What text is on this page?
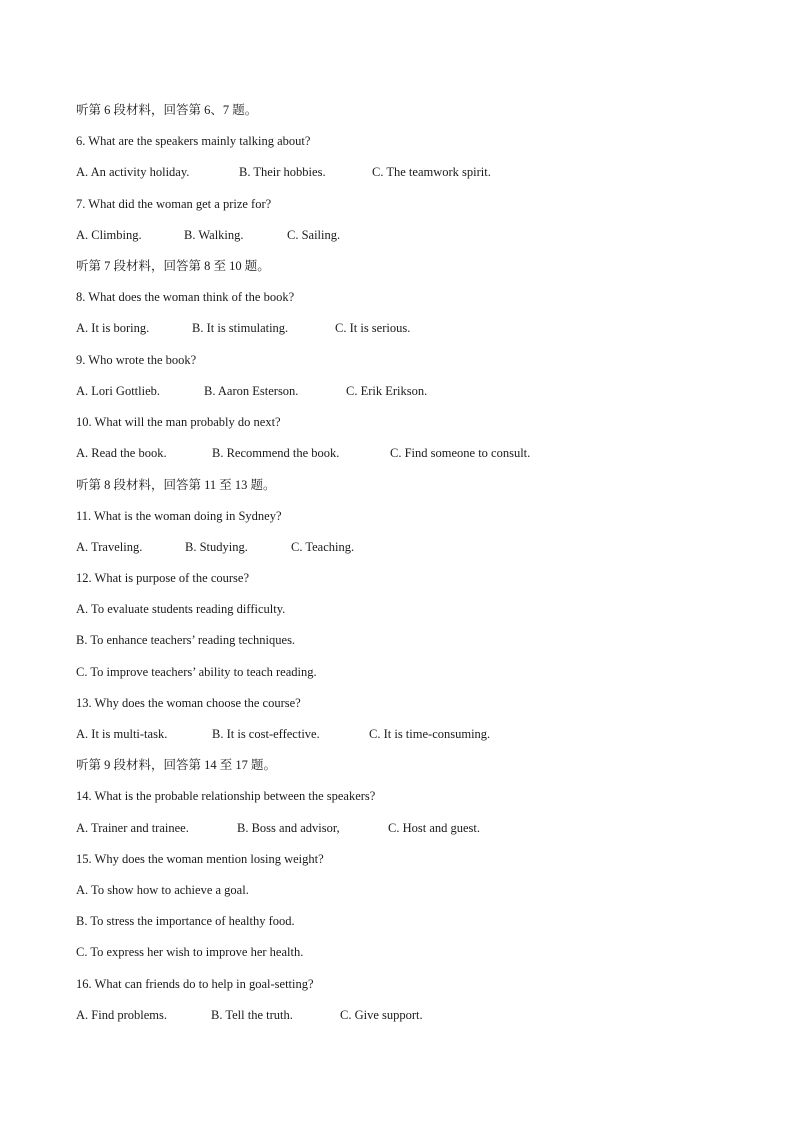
听第 6 段材料，回答第 6、7 题。
6. What are the speakers mainly talking about?
A. An activity holiday.	B. Their hobbies.	C. The teamwork spirit.
7. What did the woman get a prize for?
A. Climbing.	B. Walking.	C. Sailing.
听第 7 段材料，回答第 8 至 10 题。
8. What does the woman think of the book?
A. It is boring.	B. It is stimulating.	C. It is serious.
9. Who wrote the book?
A. Lori Gottlieb.	B. Aaron Esterson.	C. Erik Erikson.
10. What will the man probably do next?
A. Read the book.	B. Recommend the book.	C. Find someone to consult.
听第 8 段材料，回答第 11 至 13 题。
11. What is the woman doing in Sydney?
A. Traveling.	B. Studying.	C. Teaching.
12. What is purpose of the course?
A. To evaluate students reading difficulty.
B. To enhance teachers’ reading techniques.
C. To improve teachers’ ability to teach reading.
13. Why does the woman choose the course?
A. It is multi-task.	B. It is cost-effective.	C. It is time-consuming.
听第 9 段材料，回答第 14 至 17 题。
14. What is the probable relationship between the speakers?
A. Trainer and trainee.	B. Boss and advisor,	C. Host and guest.
15. Why does the woman mention losing weight?
A. To show how to achieve a goal.
B. To stress the importance of healthy food.
C. To express her wish to improve her health.
16. What can friends do to help in goal-setting?
A. Find problems.	B. Tell the truth.	C. Give support.
